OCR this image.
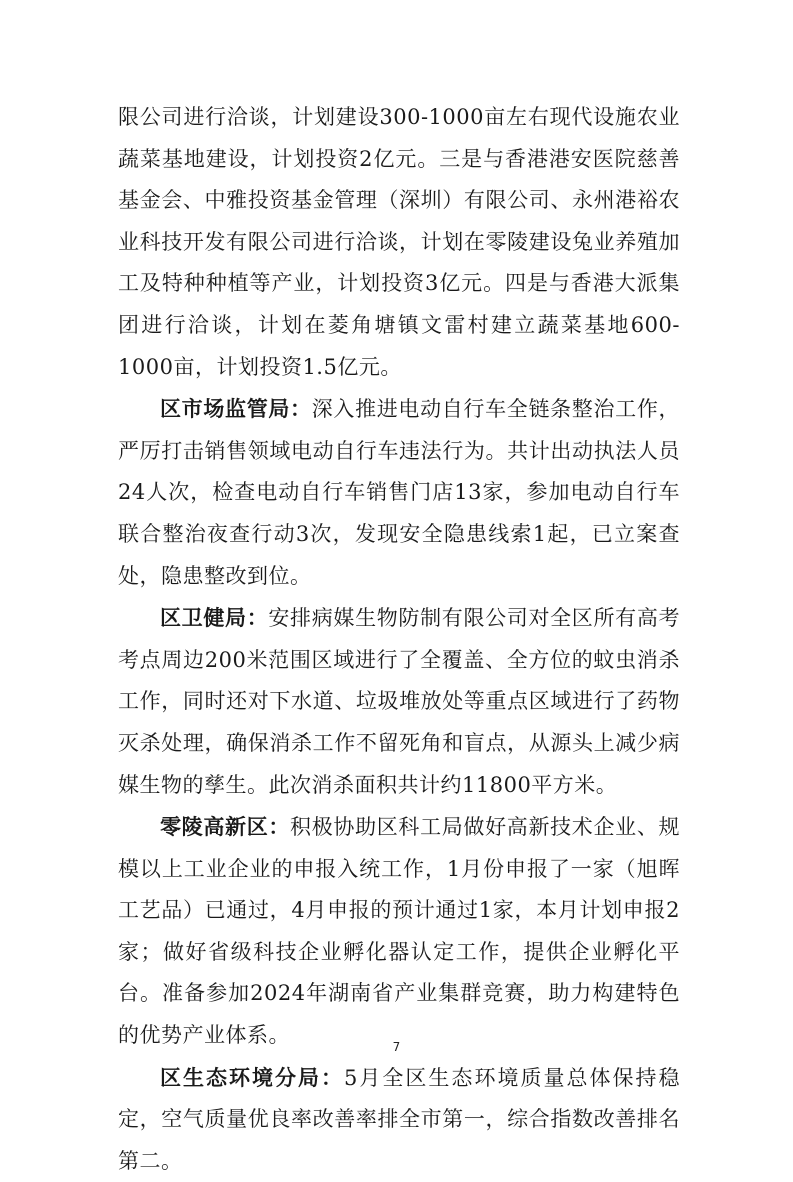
限公司进行洽谈，计划建设300-1000亩左右现代设施农业蔬菜基地建设，计划投资2亿元。三是与香港港安医院慈善基金会、中雅投资基金管理（深圳）有限公司、永州港裕农业科技开发有限公司进行洽谈，计划在零陵建设兔业养殖加工及特种种植等产业，计划投资3亿元。四是与香港大派集团进行洽谈，计划在菱角塘镇文雷村建立蔬菜基地600-1000亩，计划投资1.5亿元。

区市场监管局：深入推进电动自行车全链条整治工作，严厉打击销售领域电动自行车违法行为。共计出动执法人员24人次，检查电动自行车销售门店13家，参加电动自行车联合整治夜查行动3次，发现安全隐患线索1起，已立案查处，隐患整改到位。

区卫健局：安排病媒生物防制有限公司对全区所有高考考点周边200米范围区域进行了全覆盖、全方位的蚊虫消杀工作，同时还对下水道、垃圾堆放处等重点区域进行了药物灭杀处理，确保消杀工作不留死角和盲点，从源头上减少病媒生物的孳生。此次消杀面积共计约11800平方米。

零陵高新区：积极协助区科工局做好高新技术企业、规模以上工业企业的申报入统工作，1月份申报了一家（旭晖工艺品）已通过，4月申报的预计通过1家，本月计划申报2家；做好省级科技企业孵化器认定工作，提供企业孵化平台。准备参加2024年湖南省产业集群竞赛，助力构建特色的优势产业体系。

区生态环境分局：5月全区生态环境质量总体保持稳定，空气质量优良率改善率排全市第一，综合指数改善排名第二。

7
